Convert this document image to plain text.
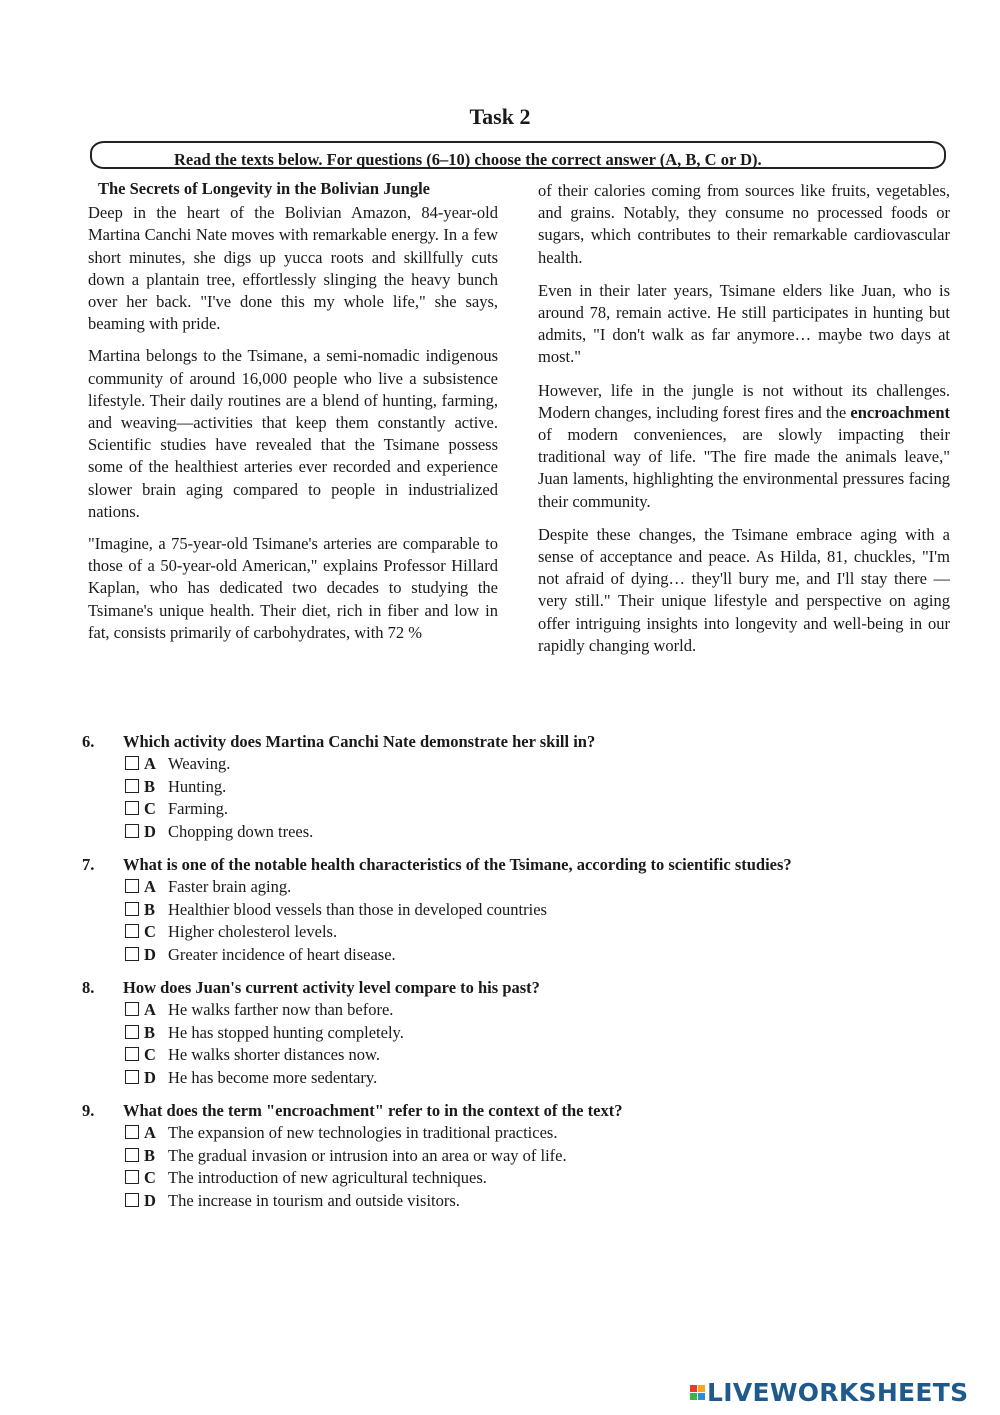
Task 2
Read the texts below. For questions (6–10) choose the correct answer (A, B, C or D).
The Secrets of Longevity in the Bolivian Jungle

Deep in the heart of the Bolivian Amazon, 84-year-old Martina Canchi Nate moves with remarkable energy. In a few short minutes, she digs up yucca roots and skillfully cuts down a plantain tree, effortlessly slinging the heavy bunch over her back. "I've done this my whole life," she says, beaming with pride.

Martina belongs to the Tsimane, a semi-nomadic indigenous community of around 16,000 people who live a subsistence lifestyle. Their daily routines are a blend of hunting, farming, and weaving—activities that keep them constantly active. Scientific studies have revealed that the Tsimane possess some of the healthiest arteries ever recorded and experience slower brain aging compared to people in industrialized nations.

"Imagine, a 75-year-old Tsimane's arteries are comparable to those of a 50-year-old American," explains Professor Hillard Kaplan, who has dedicated two decades to studying the Tsimane's unique health. Their diet, rich in fiber and low in fat, consists primarily of carbohydrates, with 72 %

of their calories coming from sources like fruits, vegetables, and grains. Notably, they consume no processed foods or sugars, which contributes to their remarkable cardiovascular health.

Even in their later years, Tsimane elders like Juan, who is around 78, remain active. He still participates in hunting but admits, "I don't walk as far anymore… maybe two days at most."

However, life in the jungle is not without its challenges. Modern changes, including forest fires and the encroachment of modern conveniences, are slowly impacting their traditional way of life. "The fire made the animals leave," Juan laments, highlighting the environmental pressures facing their community.

Despite these changes, the Tsimane embrace aging with a sense of acceptance and peace. As Hilda, 81, chuckles, "I'm not afraid of dying… they'll bury me, and I'll stay there — very still." Their unique lifestyle and perspective on aging offer intriguing insights into longevity and well-being in our rapidly changing world.

6. Which activity does Martina Canchi Nate demonstrate her skill in?
A Weaving.
B Hunting.
C Farming.
D Chopping down trees.
7. What is one of the notable health characteristics of the Tsimane, according to scientific studies?
A Faster brain aging.
B Healthier blood vessels than those in developed countries
C Higher cholesterol levels.
D Greater incidence of heart disease.
8. How does Juan's current activity level compare to his past?
A He walks farther now than before.
B He has stopped hunting completely.
C He walks shorter distances now.
D He has become more sedentary.
9. What does the term "encroachment" refer to in the context of the text?
A The expansion of new technologies in traditional practices.
B The gradual invasion or intrusion into an area or way of life.
C The introduction of new agricultural techniques.
D The increase in tourism and outside visitors.
LIVEWORKSHEETS
